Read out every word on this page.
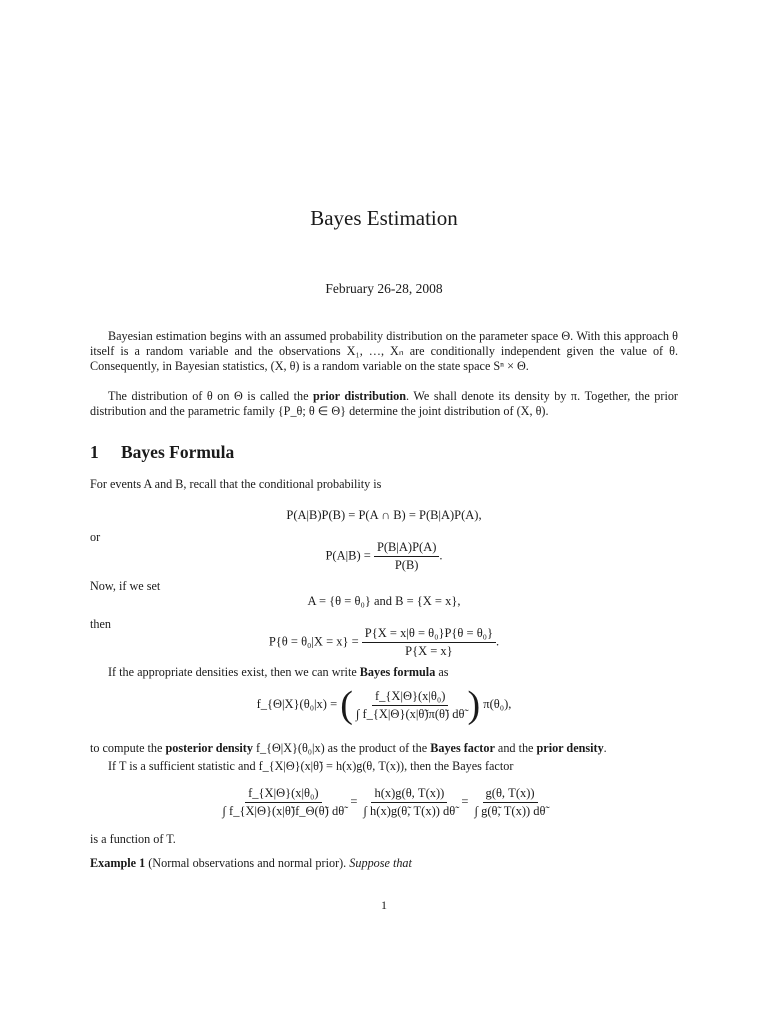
Bayes Estimation
February 26-28, 2008
Bayesian estimation begins with an assumed probability distribution on the parameter space Θ. With this approach θ itself is a random variable and the observations X₁, …, Xₙ are conditionally independent given the value of θ. Consequently, in Bayesian statistics, (X, θ) is a random variable on the state space Sⁿ × Θ.
The distribution of θ on Θ is called the prior distribution. We shall denote its density by π. Together, the prior distribution and the parametric family {P_θ; θ ∈ Θ} determine the joint distribution of (X, θ).
1 Bayes Formula
For events A and B, recall that the conditional probability is
P(A|B)P(B) = P(A ∩ B) = P(B|A)P(A),
or
$P(A|B) = \frac{P(B|A)P(A)}{P(B)}$ .
Now, if we set
A = {θ = θ₀} and B = {X = x},
then
$P\{\theta = \theta_0|X = x\} = \frac{\text{P\{X = x|θ = θ₀\}P\{θ = θ₀\}}}{P\{X = x\}}$ .
If the appropriate densities exist, then we can write Bayes formula as
f_{Θ|X}(θ₀|x) = ( $\frac{\text{f\_\{X|Θ\}(x|θ₀)}}{\int f\_\{X|\Theta\}(x|\thetã)\pi(\thetã) d\thetã}$ ) π(θ₀),
to compute the posterior density f_{Θ|X}(θ₀|x) as the product of the Bayes factor and the prior density.
If T is a sufficient statistic and f_{X|Θ}(x|θ̃) = h(x)g(θ, T(x)), then the Bayes factor
$\frac{\text{f\_\{X|Θ\}(x|θ₀)}}{\int f\_\{X|\Theta\}(x|\thetã)f\_\Theta(\thetã) d\thetã} = \frac{h(x)g(\theta, T(x))}{\int h(x)g(\thetã, T(x)) d\thetã} = \frac{g(\theta, T(x))}{\int g(\thetã, T(x)) d\thetã}$
is a function of T.
Example 1 (Normal observations and normal prior). Suppose that
1
